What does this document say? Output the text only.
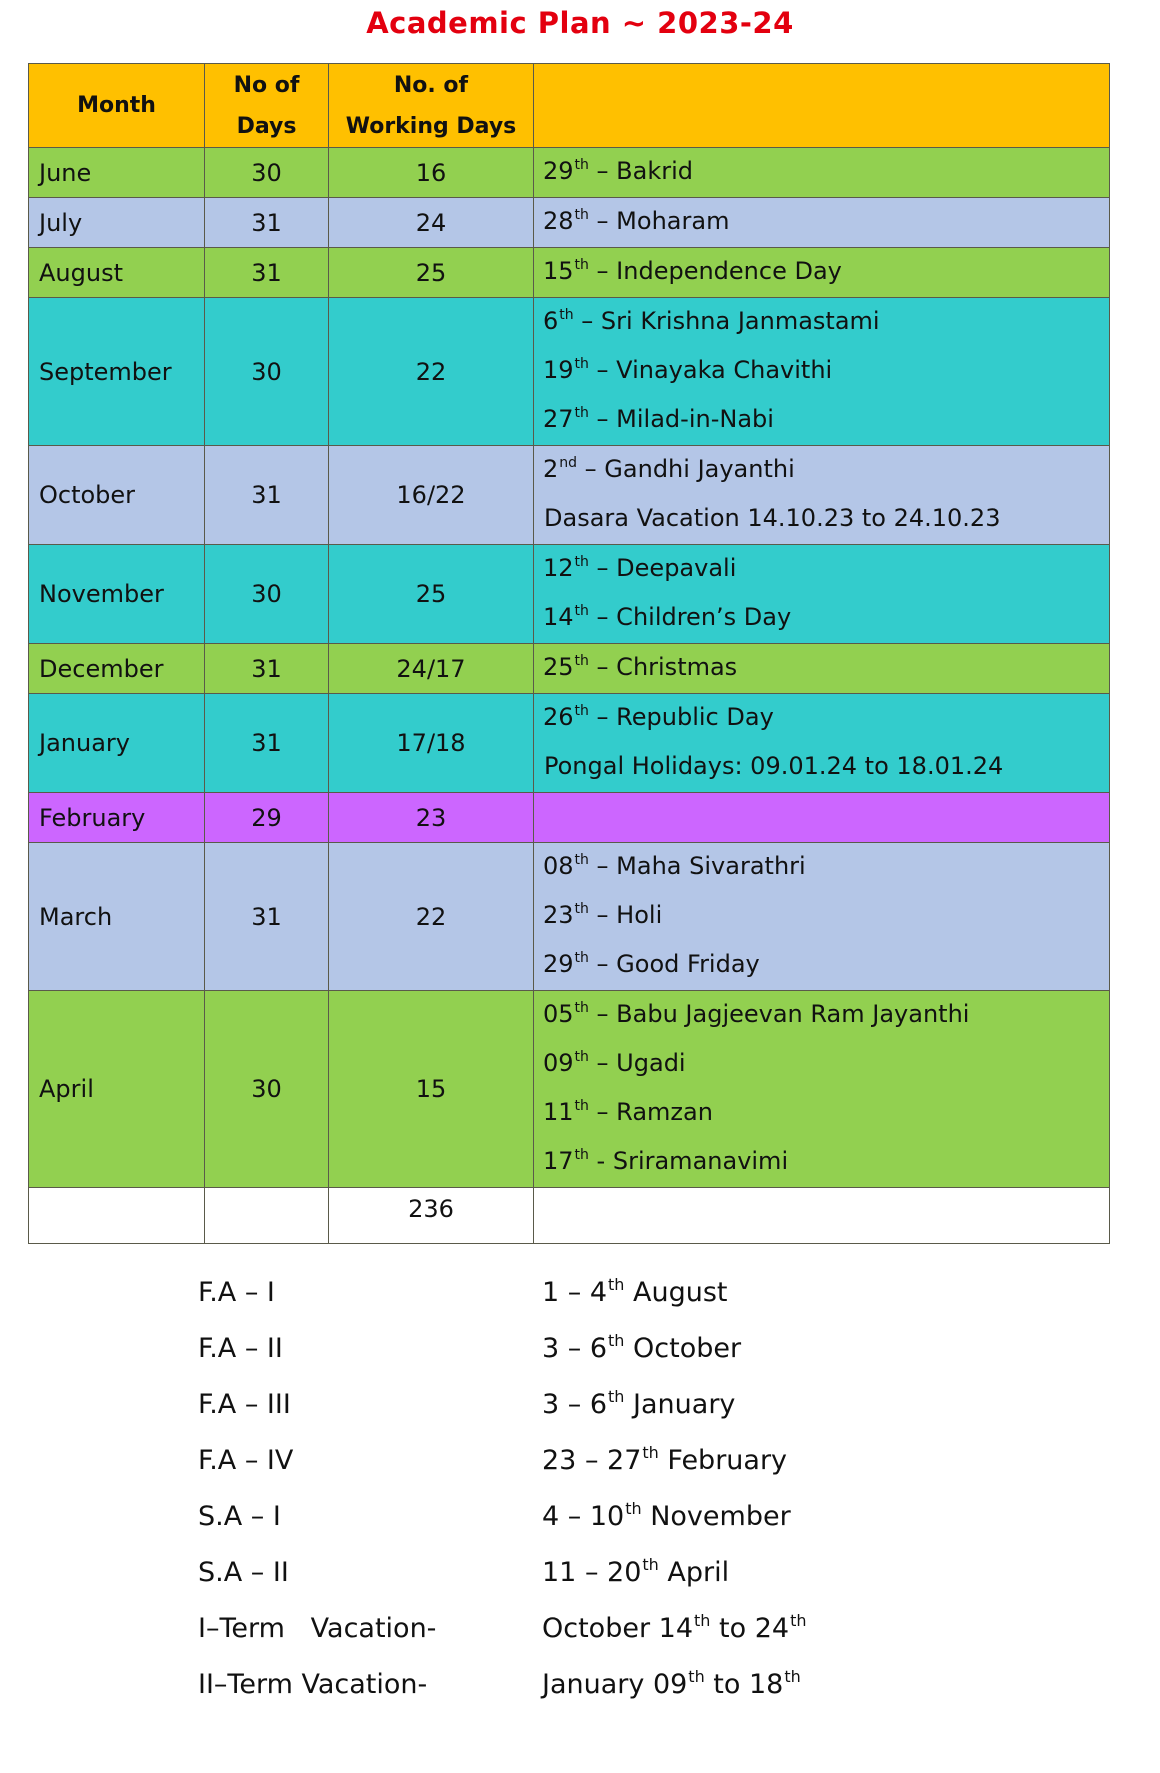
Academic Plan ~ 2023-24
Month	
No of
Days

No. of
Working Days

June	30	16	29th – Bakrid

July	31	24	28th – Moharam

August	31	25	15th – Independence Day

September	30	22	6th – Sri Krishna Janmastami
19th – Vinayaka Chavithi
27th – Milad-in-Nabi

October	31	16/22	2nd – Gandhi Jayanthi
Dasara Vacation 14.10.23 to 24.10.23

November	30	25	12th – Deepavali
14th – Children’s Day

December	31	24/17	25th – Christmas

January	31	17/18	26th – Republic Day
Pongal Holidays: 09.01.24 to 18.01.24

February	29	23	
March	31	22	08th – Maha Sivarathri
23th – Holi
29th – Good Friday

April	30	15	05th – Babu Jagjeevan Ram Jayanthi
09th – Ugadi
11th – Ramzan
17th - Sriramanavimi

		236	
F.A – I	1 – 4th August
F.A – II	3 – 6th October
F.A – III	3 – 6th January
F.A – IV	23 – 27th February
S.A – I	4 – 10th November
S.A – II	11 – 20th April
I–Term   Vacation-	October 14th to 24th
II–Term Vacation-	January 09th to 18th
